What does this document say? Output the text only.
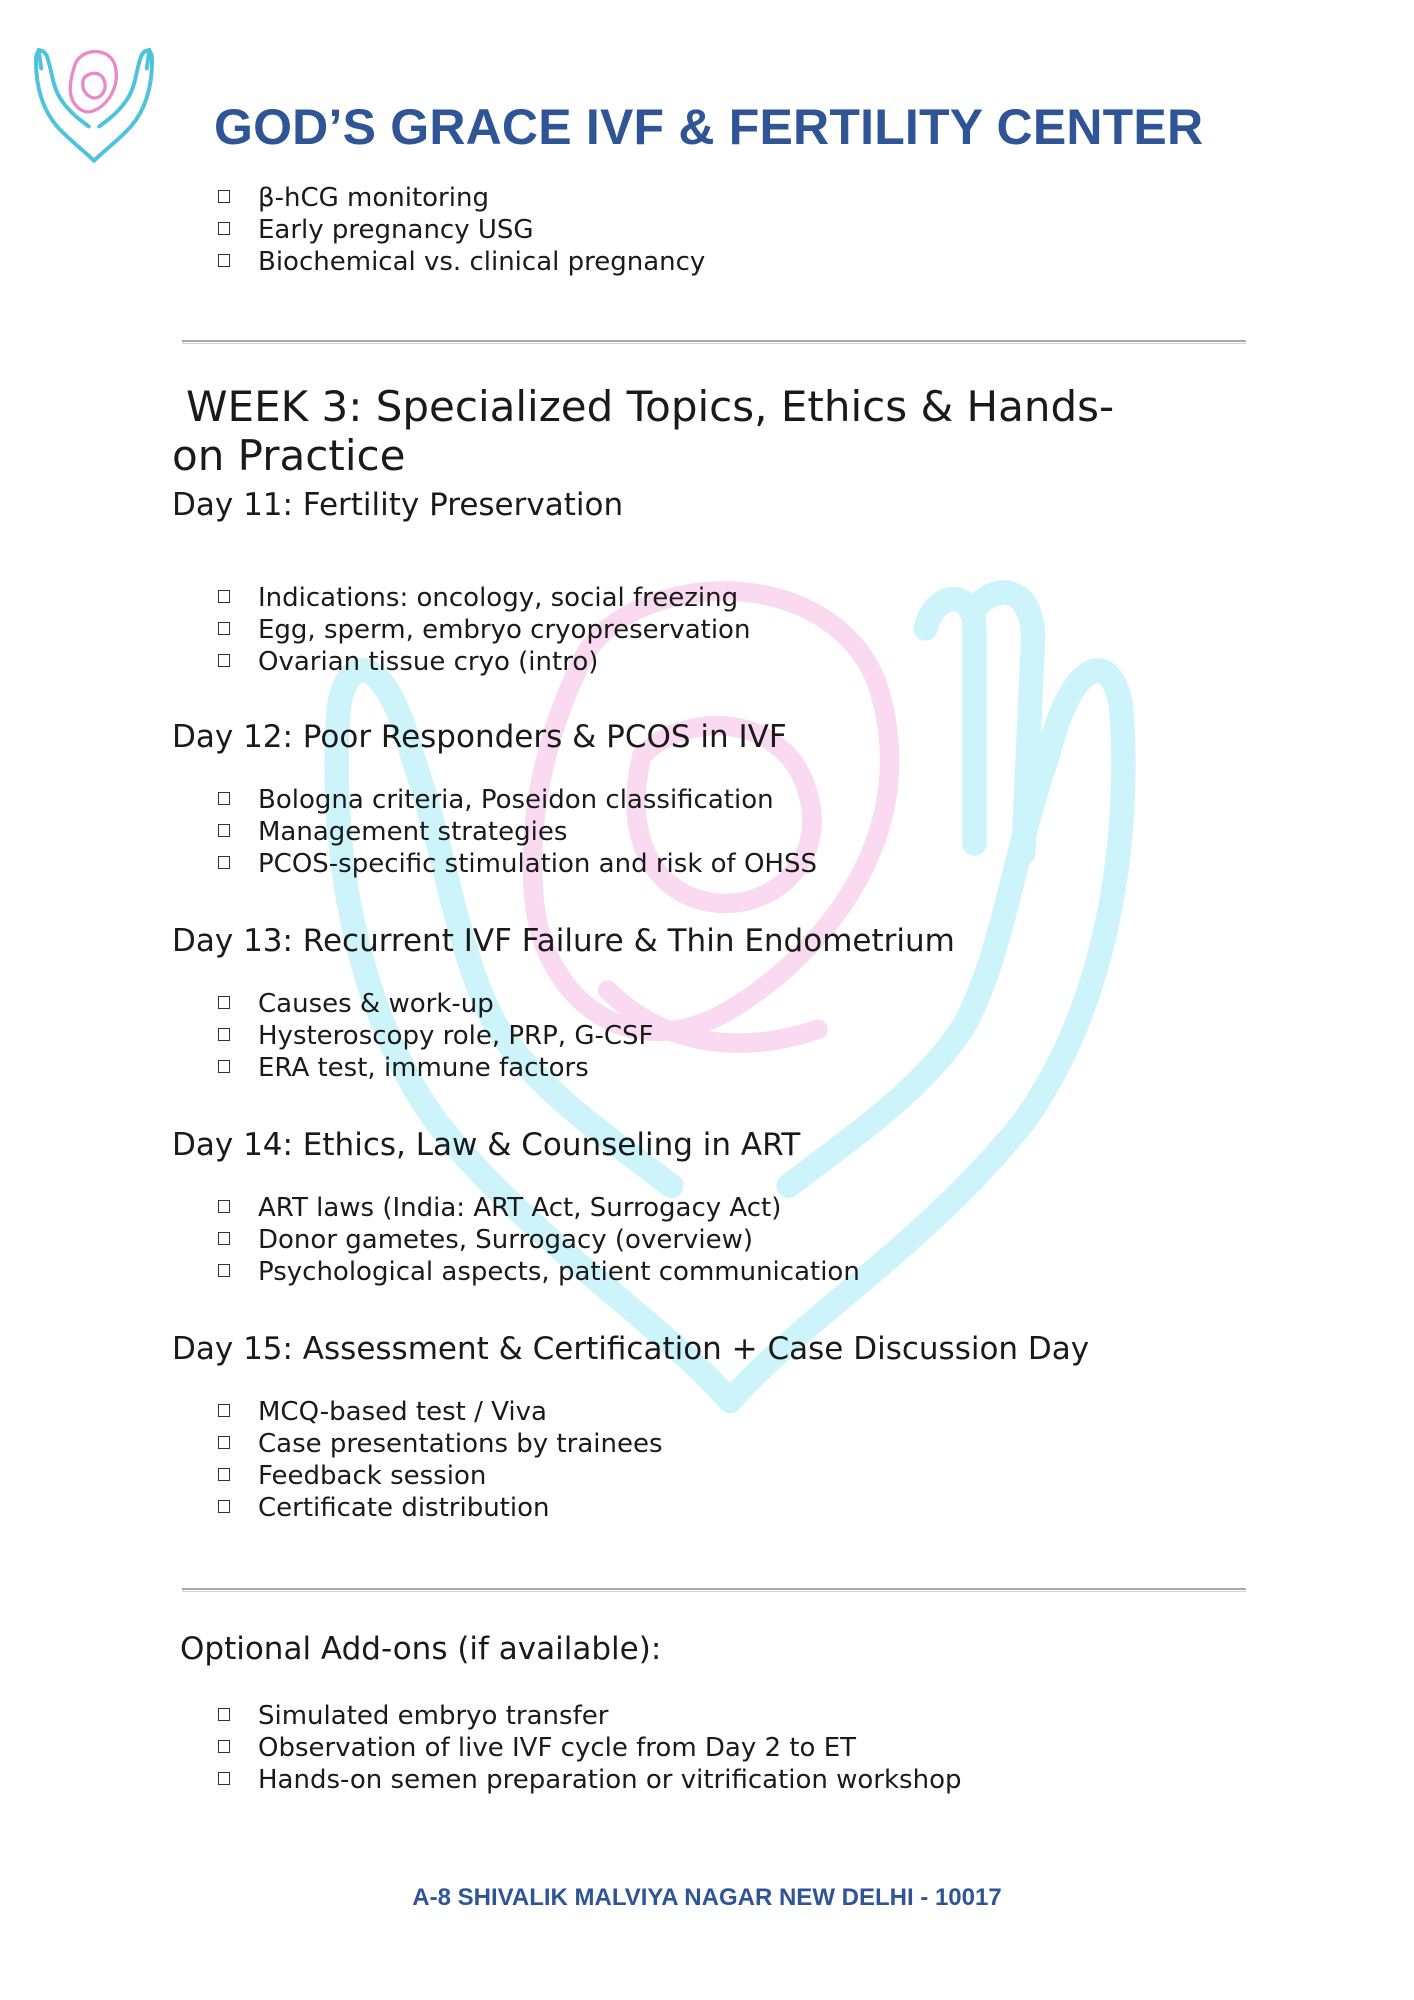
GOD’S GRACE IVF & FERTILITY CENTER
β-hCG monitoring
Early pregnancy USG
Biochemical vs. clinical pregnancy
WEEK 3: Specialized Topics, Ethics & Hands-on Practice
Day 11: Fertility Preservation
Indications: oncology, social freezing
Egg, sperm, embryo cryopreservation
Ovarian tissue cryo (intro)
Day 12: Poor Responders & PCOS in IVF
Bologna criteria, Poseidon classification
Management strategies
PCOS-specific stimulation and risk of OHSS
Day 13: Recurrent IVF Failure & Thin Endometrium
Causes & work-up
Hysteroscopy role, PRP, G-CSF
ERA test, immune factors
Day 14: Ethics, Law & Counseling in ART
ART laws (India: ART Act, Surrogacy Act)
Donor gametes, Surrogacy (overview)
Psychological aspects, patient communication
Day 15: Assessment & Certification + Case Discussion Day
MCQ-based test / Viva
Case presentations by trainees
Feedback session
Certificate distribution
Optional Add-ons (if available):
Simulated embryo transfer
Observation of live IVF cycle from Day 2 to ET
Hands-on semen preparation or vitrification workshop
A-8 SHIVALIK MALVIYA NAGAR NEW DELHI - 10017
